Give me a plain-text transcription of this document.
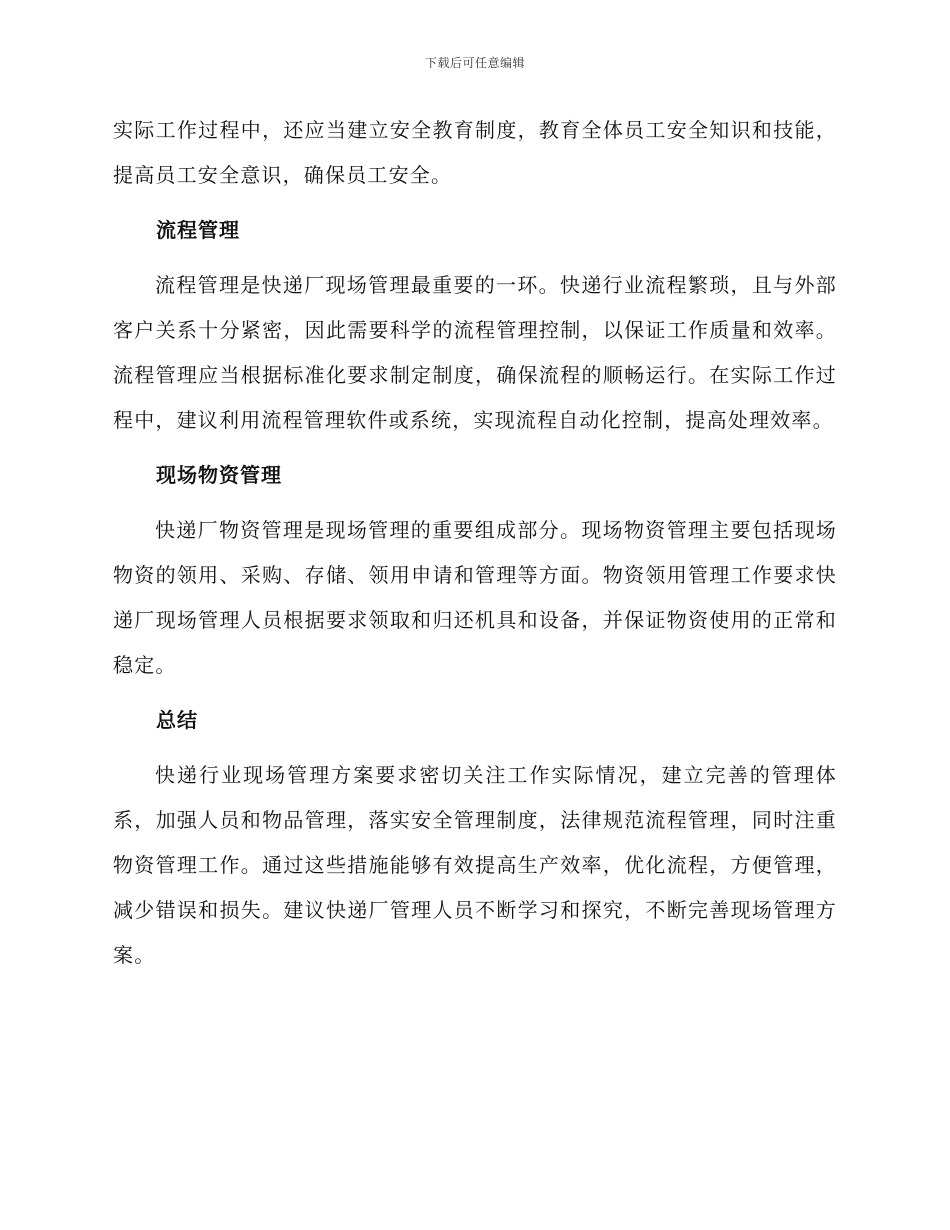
下载后可任意编辑

实际工作过程中，还应当建立安全教育制度，教育全体员工安全知识和技能，提高员工安全意识，确保员工安全。

流程管理

流程管理是快递厂现场管理最重要的一环。快递行业流程繁琐，且与外部客户关系十分紧密，因此需要科学的流程管理控制，以保证工作质量和效率。流程管理应当根据标准化要求制定制度，确保流程的顺畅运行。在实际工作过程中，建议利用流程管理软件或系统，实现流程自动化控制，提高处理效率。

现场物资管理

快递厂物资管理是现场管理的重要组成部分。现场物资管理主要包括现场物资的领用、采购、存储、领用申请和管理等方面。物资领用管理工作要求快递厂现场管理人员根据要求领取和归还机具和设备，并保证物资使用的正常和稳定。

总结

快递行业现场管理方案要求密切关注工作实际情况，建立完善的管理体系，加强人员和物品管理，落实安全管理制度，法律规范流程管理，同时注重物资管理工作。通过这些措施能够有效提高生产效率，优化流程，方便管理，减少错误和损失。建议快递厂管理人员不断学习和探究，不断完善现场管理方案。
